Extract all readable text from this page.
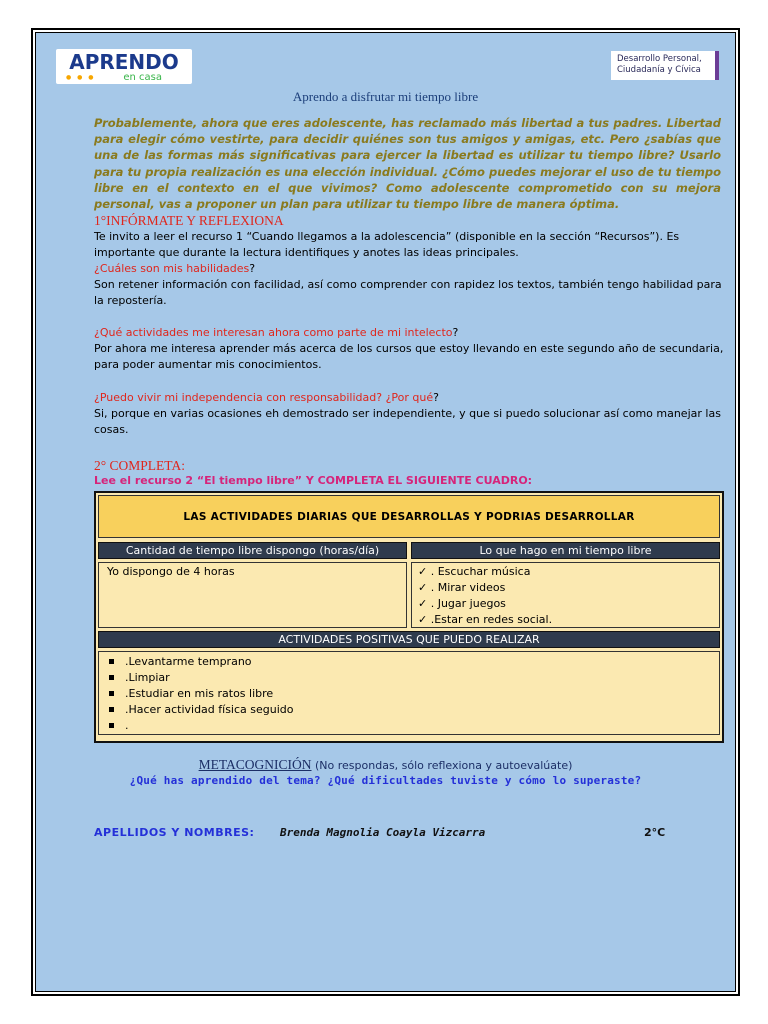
APRENDO
en casa
● ● ●
Desarrollo Personal,
Ciudadanía y Cívica
Aprendo a disfrutar mi tiempo libre
Probablemente, ahora que eres adolescente, has reclamado más libertad a tus padres. Libertad para elegir cómo vestirte, para decidir quiénes son tus amigos y amigas, etc. Pero ¿sabías que una de las formas más significativas para ejercer la libertad es utilizar tu tiempo libre? Usarlo para tu propia realización es una elección individual. ¿Cómo puedes mejorar el uso de tu tiempo libre en el contexto en el que vivimos? Como adolescente comprometido con su mejora personal, vas a proponer un plan para utilizar tu tiempo libre de manera óptima.
1°INFÓRMATE Y REFLEXIONA
Te invito a leer el recurso 1 “Cuando llegamos a la adolescencia” (disponible en la sección “Recursos”). Es importante que durante la lectura identifiques y anotes las ideas principales.
¿Cuáles son mis habilidades?
Son retener información con facilidad, así como comprender con rapidez los textos, también tengo habilidad para la repostería.
¿Qué actividades me interesan ahora como parte de mi intelecto?
Por ahora me interesa aprender más acerca de los cursos que estoy llevando en este segundo año de secundaria, para poder aumentar mis conocimientos.
¿Puedo vivir mi independencia con responsabilidad? ¿Por qué?
Si, porque en varias ocasiones eh demostrado ser independiente, y que si puedo solucionar así como manejar las cosas.
2° COMPLETA:
Lee el recurso 2 “El tiempo libre” Y COMPLETA EL SIGUIENTE CUADRO:
LAS ACTIVIDADES DIARIAS QUE DESARROLLAS Y PODRIAS DESARROLLAR
Cantidad de tiempo libre dispongo (horas/día)	Lo que hago en mi tiempo libre
Yo dispongo de 4 horas
✓	. Escuchar música
✓ . Mirar videos
✓ . Jugar juegos
✓ .Estar en redes social.
ACTIVIDADES POSITIVAS QUE PUEDO REALIZAR
.Levantarme temprano
.Limpiar
.Estudiar en mis ratos libre
.Hacer actividad física seguido
.
METACOGNICIÓN (No respondas, sólo reflexiona y autoevalúate)
¿Qué has aprendido del tema? ¿Qué dificultades tuviste y cómo lo superaste?
APELLIDOS Y NOMBRES: Brenda Magnolia Coayla Vizcarra	2°C
